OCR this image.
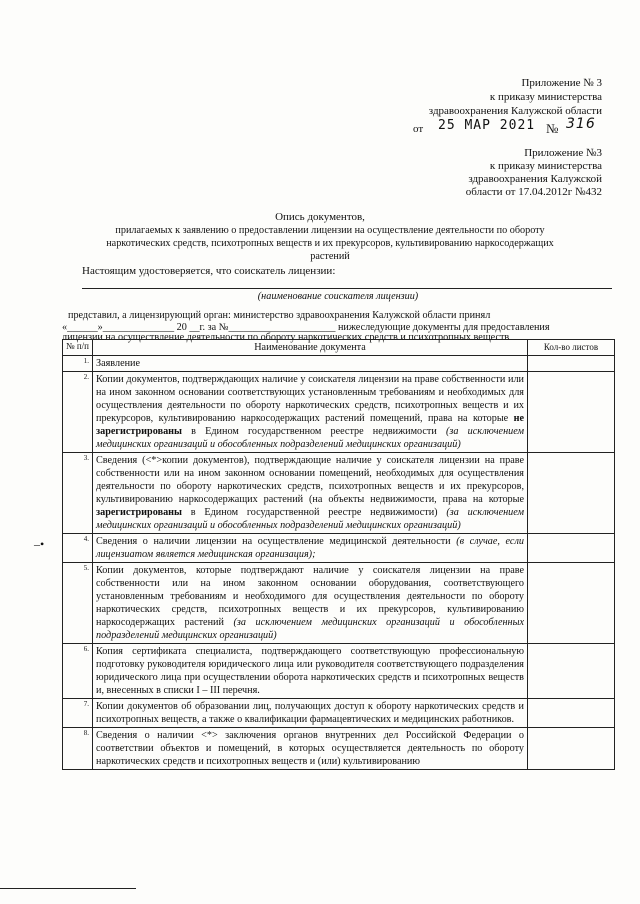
Приложение № 3
к приказу министерства
здравоохранения Калужской области
от 25 МАР 2021 № 316
Приложение №3
к приказу министерства
здравоохранения Калужской
области от 17.04.2012г №432
Опись документов,
прилагаемых к заявлению о предоставлении лицензии на осуществление деятельности по обороту
наркотических средств, психотропных веществ и их прекурсоров, культивированию наркосодержащих
растений
Настоящим удостоверяется, что соискатель лицензии:
(наименование соискателя лицензии)
представил, а лицензирующий орган: министерство здравоохранения Калужской области принял
«______»______________ 20 __г. за №_____________________ нижеследующие документы для предоставления
лицензии на осуществление деятельности по обороту наркотических средств и психотропных веществ
–•
№ п/п	Наименование документа	Кол-во листов
1.	Заявление	
2.	Копии документов, подтверждающих наличие у соискателя лицензии на праве собственности или на ином законном основании соответствующих установленным требованиям и необходимых для осуществления деятельности по обороту наркотических средств, психотропных веществ и их прекурсоров, культивированию наркосодержащих растений помещений, права на которые не зарегистрированы в Едином государственном реестре недвижимости (за исключением медицинских организаций и обособленных подразделений медицинских организаций)	
3.	Сведения (<*>копии документов), подтверждающие наличие у соискателя лицензии на праве собственности или на ином законном основании помещений, необходимых для осуществления деятельности по обороту наркотических средств, психотропных веществ и их прекурсоров, культивированию наркосодержащих растений (на объекты недвижимости, права на которые зарегистрированы в Едином государственной реестре недвижимости) (за исключением медицинских организаций и обособленных подразделений медицинских организаций)	
4.	Сведения о наличии лицензии на осуществление медицинской деятельности (в случае, если лицензиатом является медицинская организация);	
5.	Копии документов, которые подтверждают наличие у соискателя лицензии на праве собственности или на ином законном основании оборудования, соответствующего установленным требованиям и необходимого для осуществления деятельности по обороту наркотических средств, психотропных веществ и их прекурсоров, культивированию наркосодержащих растений (за исключением медицинских организаций и обособленных подразделений медицинских организаций)	
6.	Копия сертификата специалиста, подтверждающего соответствующую профессиональную подготовку руководителя юридического лица или руководителя соответствующего подразделения юридического лица при осуществлении оборота наркотических средств и психотропных веществ и, внесенных в списки I – III перечня.	
7.	Копии документов об образовании лиц, получающих доступ к обороту наркотических средств и психотропных веществ, а также о квалификации фармацевтических и медицинских работников.	
8.	Сведения о наличии <*> заключения органов внутренних дел Российской Федерации о соответствии объектов и помещений, в которых осуществляется деятельность по обороту наркотических средств и психотропных веществ и (или) культивированию	
